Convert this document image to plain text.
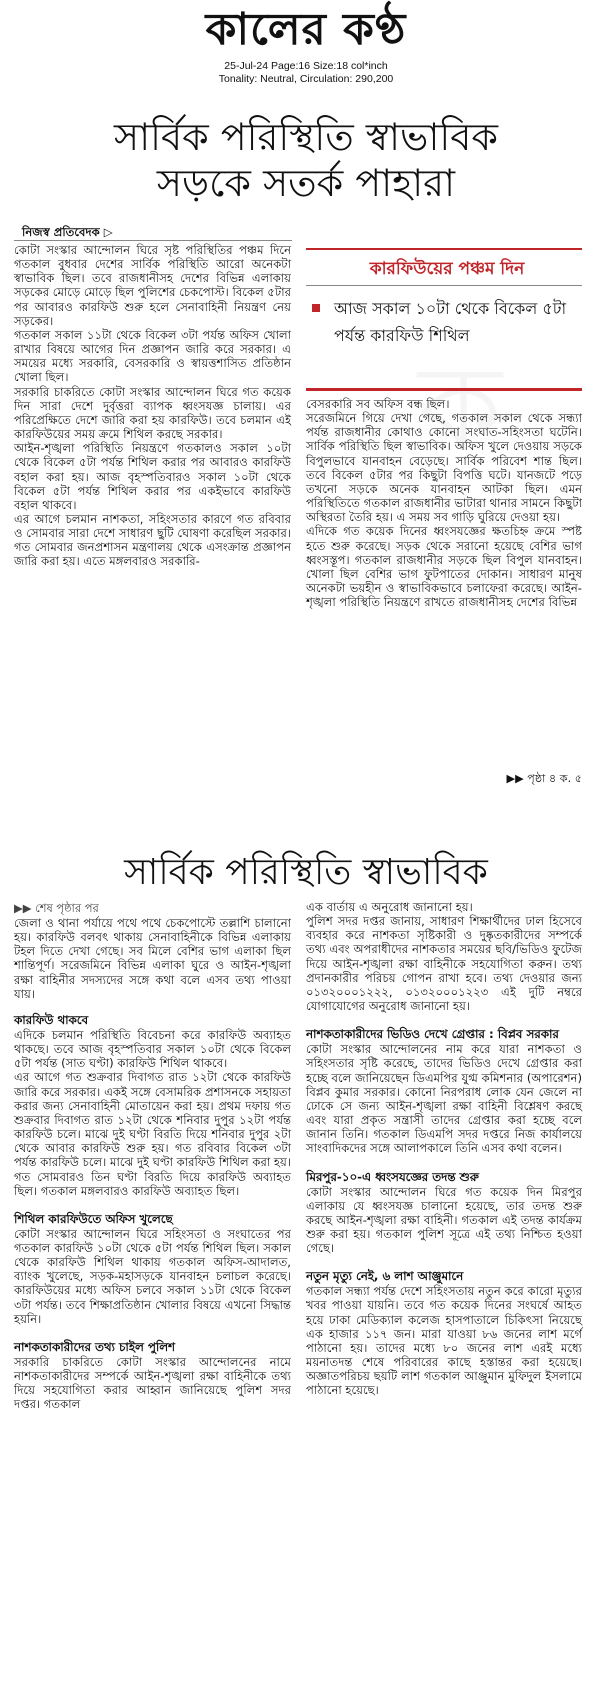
কালের কণ্ঠ
25-Jul-24 Page:16 Size:18 col*inch
Tonality: Neutral, Circulation: 290,200
সার্বিক পরিস্থিতি স্বাভাবিক
সড়কে সতর্ক পাহারা
নিজস্ব প্রতিবেদক ▷
কোটা সংস্কার আন্দোলন ঘিরে সৃষ্ট পরিস্থিতির পঞ্চম দিনে গতকাল বুধবার দেশের সার্বিক পরিস্থিতি আরো অনেকটা স্বাভাবিক ছিল। তবে রাজধানীসহ দেশের বিভিন্ন এলাকায় সড়কের মোড়ে মোড়ে ছিল পুলিশের চেকপোস্ট। বিকেল ৫টার পর আবারও কারফিউ শুরু হলে সেনাবাহিনী নিয়ন্ত্রণ নেয় সড়কের।
গতকাল সকাল ১১টা থেকে বিকেল ৩টা পর্যন্ত অফিস খোলা রাখার বিষয়ে আগের দিন প্রজ্ঞাপন জারি করে সরকার। এ সময়ের মধ্যে সরকারি, বেসরকারি ও স্বায়ত্তশাসিত প্রতিষ্ঠান খোলা ছিল।
সরকারি চাকরিতে কোটা সংস্কার আন্দোলন ঘিরে গত কয়েক দিন সারা দেশে দুর্বৃত্তরা ব্যাপক ধ্বংসযজ্ঞ চালায়। এর পরিপ্রেক্ষিতে দেশে জারি করা হয় কারফিউ। তবে চলমান এই কারফিউয়ের সময় ক্রমে শিথিল করছে সরকার।
আইন-শৃঙ্খলা পরিস্থিতি নিয়ন্ত্রণে গতকালও সকাল ১০টা থেকে বিকেল ৫টা পর্যন্ত শিথিল করার পর আবারও কারফিউ বহাল করা হয়। আজ বৃহস্পতিবারও সকাল ১০টা থেকে বিকেল ৫টা পর্যন্ত শিথিল করার পর একইভাবে কারফিউ বহাল থাকবে।
এর আগে চলমান নাশকতা, সহিংসতার কারণে গত রবিবার ও সোমবার সারা দেশে সাধারণ ছুটি ঘোষণা করেছিল সরকার। গত সোমবার জনপ্রশাসন মন্ত্রণালয় থেকে এসংক্রান্ত প্রজ্ঞাপন জারি করা হয়। এতে মঙ্গলবারও সরকারি-
কারফিউয়ের পঞ্চম দিন
আজ সকাল ১০টা থেকে বিকেল ৫টা পর্যন্ত কারফিউ শিথিল
বেসরকারি সব অফিস বন্ধ ছিল।
সরেজমিনে গিয়ে দেখা গেছে, গতকাল সকাল থেকে সন্ধ্যা পর্যন্ত রাজধানীর কোথাও কোনো সংঘাত-সহিংসতা ঘটেনি। সার্বিক পরিস্থিতি ছিল স্বাভাবিক। অফিস খুলে দেওয়ায় সড়কে বিপুলভাবে যানবাহন বেড়েছে। সার্বিক পরিবেশ শান্ত ছিল। তবে বিকেল ৫টার পর কিছুটা বিপত্তি ঘটে। যানজটে পড়ে তখনো সড়কে অনেক যানবাহন আটকা ছিল। এমন পরিস্থিতিতে গতকাল রাজধানীর ভাটারা থানার সামনে কিছুটা অস্থিরতা তৈরি হয়। এ সময় সব গাড়ি ঘুরিয়ে দেওয়া হয়।
এদিকে গত কয়েক দিনের ধ্বংসযজ্ঞের ক্ষতচিহ্ন ক্রমে স্পষ্ট হতে শুরু করেছে। সড়ক থেকে সরানো হয়েছে বেশির ভাগ ধ্বংসস্তূপ। গতকাল রাজধানীর সড়কে ছিল বিপুল যানবাহন। খোলা ছিল বেশির ভাগ ফুটপাতের দোকান। সাধারণ মানুষ অনেকটা ভয়হীন ও স্বাভাবিকভাবে চলাফেরা করেছে। আইন-শৃঙ্খলা পরিস্থিতি নিয়ন্ত্রণে রাখতে রাজধানীসহ দেশের বিভিন্ন
▶▶ পৃষ্ঠা ৪ ক. ৫
সার্বিক পরিস্থিতি স্বাভাবিক
▶▶ শেষ পৃষ্ঠার পর
জেলা ও থানা পর্যায়ে পথে পথে চেকপোস্টে তল্লাশি চালানো হয়। কারফিউ বলবৎ থাকায় সেনাবাহিনীকে বিভিন্ন এলাকায় টহল দিতে দেখা গেছে। সব মিলে বেশির ভাগ এলাকা ছিল শান্তিপূর্ণ। সরেজমিনে বিভিন্ন এলাকা ঘুরে ও আইন-শৃঙ্খলা রক্ষা বাহিনীর সদস্যদের সঙ্গে কথা বলে এসব তথ্য পাওয়া যায়।
কারফিউ থাকবে
এদিকে চলমান পরিস্থিতি বিবেচনা করে কারফিউ অব্যাহত থাকছে। তবে আজ বৃহস্পতিবার সকাল ১০টা থেকে বিকেল ৫টা পর্যন্ত (সাত ঘণ্টা) কারফিউ শিথিল থাকবে।
এর আগে গত শুক্রবার দিবাগত রাত ১২টা থেকে কারফিউ জারি করে সরকার। একই সঙ্গে বেসামরিক প্রশাসনকে সহায়তা করার জন্য সেনাবাহিনী মোতায়েন করা হয়। প্রথম দফায় গত শুক্রবার দিবাগত রাত ১২টা থেকে শনিবার দুপুর ১২টা পর্যন্ত কারফিউ চলে। মাঝে দুই ঘণ্টা বিরতি দিয়ে শনিবার দুপুর ২টা থেকে আবার কারফিউ শুরু হয়। গত রবিবার বিকেল ৩টা পর্যন্ত কারফিউ চলে। মাঝে দুই ঘণ্টা কারফিউ শিথিল করা হয়। গত সোমবারও তিন ঘণ্টা বিরতি দিয়ে কারফিউ অব্যাহত ছিল। গতকাল মঙ্গলবারও কারফিউ অব্যাহত ছিল।
শিথিল কারফিউতে অফিস খুলেছে
কোটা সংস্কার আন্দোলন ঘিরে সহিংসতা ও সংঘাতের পর গতকাল কারফিউ ১০টা থেকে ৫টা পর্যন্ত শিথিল ছিল। সকাল থেকে কারফিউ শিথিল থাকায় গতকাল অফিস-আদালত, ব্যাংক খুলেছে, সড়ক-মহাসড়কে যানবাহন চলাচল করেছে। কারফিউয়ের মধ্যে অফিস চলবে সকাল ১১টা থেকে বিকেল ৩টা পর্যন্ত। তবে শিক্ষাপ্রতিষ্ঠান খোলার বিষয়ে এখনো সিদ্ধান্ত হয়নি।
নাশকতাকারীদের তথ্য চাইল পুলিশ
সরকারি চাকরিতে কোটা সংস্কার আন্দোলনের নামে নাশকতাকারীদের সম্পর্কে আইন-শৃঙ্খলা রক্ষা বাহিনীকে তথ্য দিয়ে সহযোগিতা করার আহ্বান জানিয়েছে পুলিশ সদর দপ্তর। গতকাল
এক বার্তায় এ অনুরোধ জানানো হয়।
পুলিশ সদর দপ্তর জানায়, সাধারণ শিক্ষার্থীদের ঢাল হিসেবে ব্যবহার করে নাশকতা সৃষ্টিকারী ও দুষ্কৃতকারীদের সম্পর্কে তথ্য এবং অপরাধীদের নাশকতার সময়ের ছবি/ভিডিও ফুটেজ দিয়ে আইন-শৃঙ্খলা রক্ষা বাহিনীকে সহযোগিতা করুন। তথ্য প্রদানকারীর পরিচয় গোপন রাখা হবে। তথ্য দেওয়ার জন্য ০১৩২০০০১২২২, ০১৩২০০০১২২৩ এই দুটি নম্বরে যোগাযোগের অনুরোধ জানানো হয়।
নাশকতাকারীদের ভিডিও দেখে গ্রেপ্তার : বিপ্লব সরকার
কোটা সংস্কার আন্দোলনের নাম করে যারা নাশকতা ও সহিংসতার সৃষ্টি করেছে, তাদের ভিডিও দেখে গ্রেপ্তার করা হচ্ছে বলে জানিয়েছেন ডিএমপির যুগ্ম কমিশনার (অপারেশন) বিপ্লব কুমার সরকার। কোনো নিরপরাধ লোক যেন জেলে না ঢোকে সে জন্য আইন-শৃঙ্খলা রক্ষা বাহিনী বিশ্লেষণ করছে এবং যারা প্রকৃত সন্ত্রাসী তাদের গ্রেপ্তার করা হচ্ছে বলে জানান তিনি। গতকাল ডিএমপি সদর দপ্তরে নিজ কার্যালয়ে সাংবাদিকদের সঙ্গে আলাপকালে তিনি এসব কথা বলেন।
মিরপুর-১০-এ ধ্বংসযজ্ঞের তদন্ত শুরু
কোটা সংস্কার আন্দোলন ঘিরে গত কয়েক দিন মিরপুর এলাকায় যে ধ্বংসযজ্ঞ চালানো হয়েছে, তার তদন্ত শুরু করছে আইন-শৃঙ্খলা রক্ষা বাহিনী। গতকাল এই তদন্ত কার্যক্রম শুরু করা হয়। গতকাল পুলিশ সূত্রে এই তথ্য নিশ্চিত হওয়া গেছে।
নতুন মৃত্যু নেই, ৬ লাশ আঞ্জুমানে
গতকাল সন্ধ্যা পর্যন্ত দেশে সহিংসতায় নতুন করে কারো মৃত্যুর খবর পাওয়া যায়নি। তবে গত কয়েক দিনের সংঘর্ষে আহত হয়ে ঢাকা মেডিক্যাল কলেজ হাসপাতালে চিকিৎসা নিয়েছে এক হাজার ১১৭ জন। মারা যাওয়া ৮৬ জনের লাশ মর্গে পাঠানো হয়। তাদের মধ্যে ৮০ জনের লাশ এরই মধ্যে ময়নাতদন্ত শেষে পরিবারের কাছে হস্তান্তর করা হয়েছে। অজ্ঞাতপরিচয় ছয়টি লাশ গতকাল আঞ্জুমান মুফিদুল ইসলামে পাঠানো হয়েছে।
